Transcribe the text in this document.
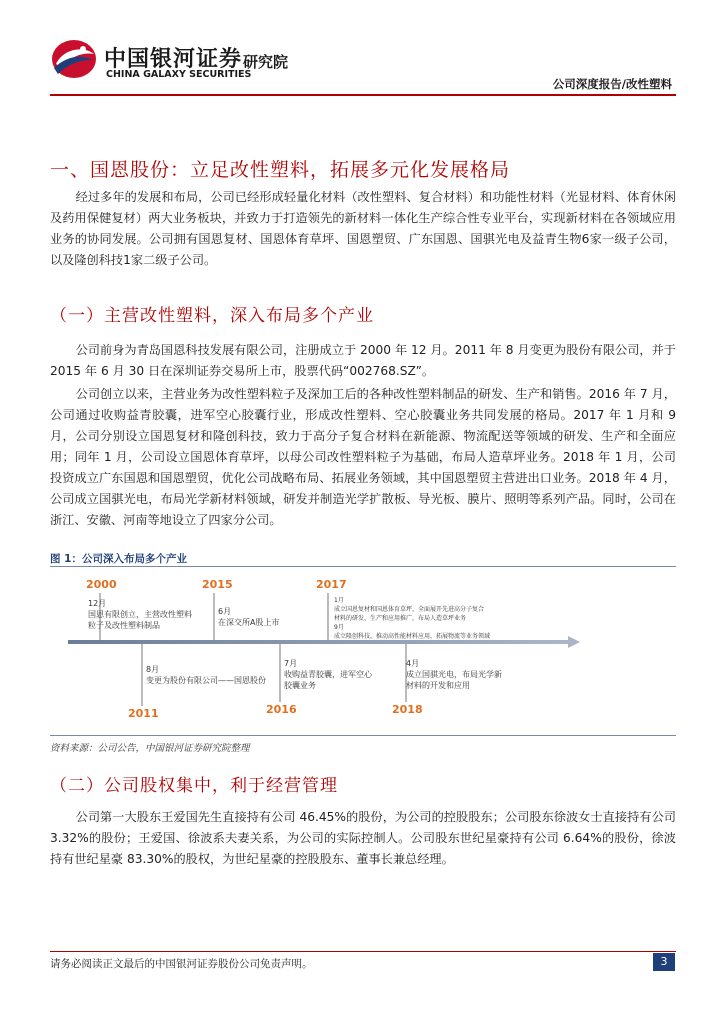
中国银河证券
CHINA GALAXY SECURITIES
研究院
公司深度报告/改性塑料
一、国恩股份：立足改性塑料，拓展多元化发展格局

经过多年的发展和布局，公司已经形成轻量化材料（改性塑料、复合材料）和功能性材料（光显材料、体育休闲及药用保健复材）两大业务板块，并致力于打造领先的新材料一体化生产综合性专业平台，实现新材料在各领域应用业务的协同发展。公司拥有国恩复材、国恩体育草坪、国恩塑贸、广东国恩、国骐光电及益青生物6家一级子公司，以及隆创科技1家二级子公司。

（一）主营改性塑料，深入布局多个产业

公司前身为青岛国恩科技发展有限公司，注册成立于 2000 年 12 月。2011 年 8 月变更为股份有限公司，并于 2015 年 6 月 30 日在深圳证券交易所上市，股票代码“002768.SZ”。

公司创立以来，主营业务为改性塑料粒子及深加工后的各种改性塑料制品的研发、生产和销售。2016 年 7 月，公司通过收购益青胶囊，进军空心胶囊行业，形成改性塑料、空心胶囊业务共同发展的格局。2017 年 1 月和 9 月，公司分别设立国恩复材和隆创科技，致力于高分子复合材料在新能源、物流配送等领域的研发、生产和全面应用；同年 1 月，公司设立国恩体育草坪，以母公司改性塑料粒子为基础，布局人造草坪业务。2018 年 1 月，公司投资成立广东国恩和国恩塑贸，优化公司战略布局、拓展业务领域，其中国恩塑贸主营进出口业务。2018 年 4 月，公司成立国骐光电，布局光学新材料领域，研发并制造光学扩散板、导光板、膜片、照明等系列产品。同时，公司在浙江、安徽、河南等地设立了四家分公司。

图 1：公司深入布局多个产业
2000
12月
国恩有限创立，主营改性塑料
粒子及改性塑料制品
2015
6月
在深交所A股上市
2017
1月
成立国恩复材和国恩体育草坪，全面展开先进高分子复合
材料的研发、生产和应用推广，布局人造草坪业务
9月
成立隆创科技，推动高性能材料应用，拓展物流等业务领域
8月
变更为股份有限公司——国恩股份
2011
7月
收购益青胶囊，进军空心
胶囊业务
2016
4月
成立国骐光电，布局光学新
材料的开发和应用
2018
资料来源：公司公告，中国银河证券研究院整理
（二）公司股权集中，利于经营管理

公司第一大股东王爱国先生直接持有公司 46.45%的股份，为公司的控股股东；公司股东徐波女士直接持有公司 3.32%的股份；王爱国、徐波系夫妻关系，为公司的实际控制人。公司股东世纪星豪持有公司 6.64%的股份，徐波持有世纪星豪 83.30%的股权，为世纪星豪的控股股东、董事长兼总经理。

请务必阅读正文最后的中国银河证券股份公司免责声明。	3
